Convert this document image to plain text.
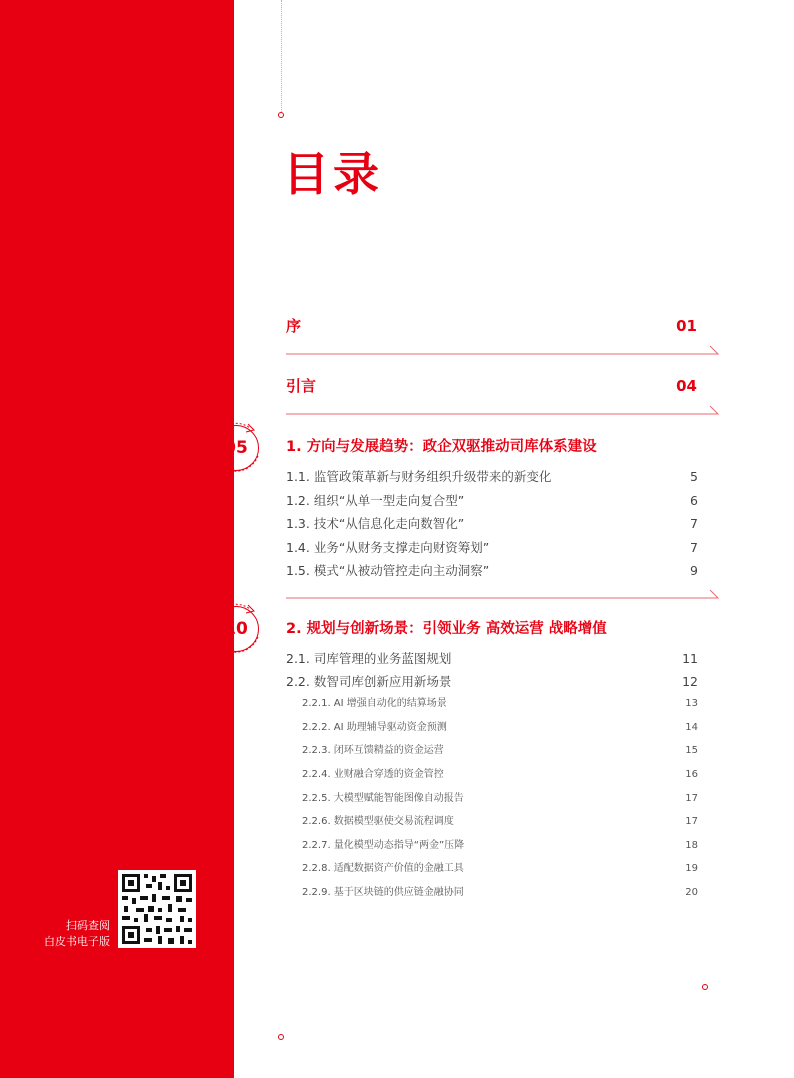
扫码查阅
白皮书电子版
目录
序	01
引言	04
05	1. 方向与发展趋势：政企双驱推动司库体系建设
1.1. 监管政策革新与财务组织升级带来的新变化	5
1.2. 组织“从单一型走向复合型”	6
1.3. 技术“从信息化走向数智化”	7
1.4. 业务“从财务支撑走向财资筹划”	7
1.5. 模式“从被动管控走向主动洞察”	9
10	2. 规划与创新场景：引领业务 高效运营 战略增值
2.1. 司库管理的业务蓝图规划	11
2.2. 数智司库创新应用新场景	12
2.2.1. AI 增强自动化的结算场景	13
2.2.2. AI 助理辅导驱动资金预测	14
2.2.3. 闭环互馈精益的资金运营	15
2.2.4. 业财融合穿透的资金管控	16
2.2.5. 大模型赋能智能图像自动报告	17
2.2.6. 数据模型驱使交易流程调度	17
2.2.7. 量化模型动态指导“两金”压降	18
2.2.8. 适配数据资产价值的金融工具	19
2.2.9. 基于区块链的供应链金融协同	20
